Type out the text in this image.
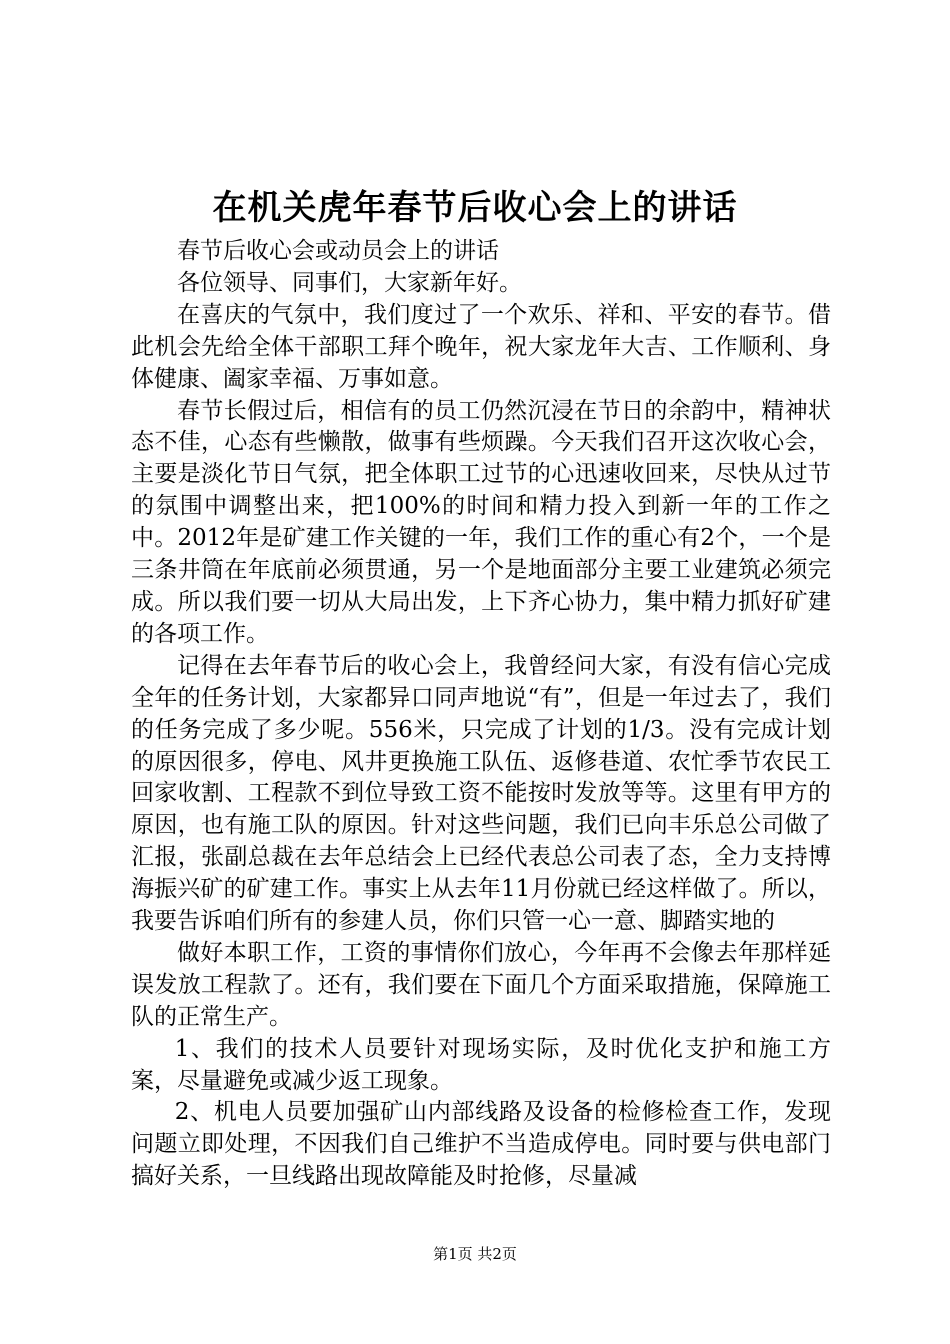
在机关虎年春节后收心会上的讲话

春节后收心会或动员会上的讲话

各位领导、同事们，大家新年好。

在喜庆的气氛中，我们度过了一个欢乐、祥和、平安的春节。借此机会先给全体干部职工拜个晚年，祝大家龙年大吉、工作顺利、身体健康、阖家幸福、万事如意。

春节长假过后，相信有的员工仍然沉浸在节日的余韵中，精神状态不佳，心态有些懒散，做事有些烦躁。今天我们召开这次收心会，主要是淡化节日气氛，把全体职工过节的心迅速收回来，尽快从过节的氛围中调整出来，把100%的时间和精力投入到新一年的工作之中。2012年是矿建工作关键的一年，我们工作的重心有2个，一个是三条井筒在年底前必须贯通，另一个是地面部分主要工业建筑必须完成。所以我们要一切从大局出发，上下齐心协力，集中精力抓好矿建的各项工作。

记得在去年春节后的收心会上，我曾经问大家，有没有信心完成全年的任务计划，大家都异口同声地说“有”，但是一年过去了，我们的任务完成了多少呢。556米，只完成了计划的1/3。没有完成计划的原因很多，停电、风井更换施工队伍、返修巷道、农忙季节农民工回家收割、工程款不到位导致工资不能按时发放等等。这里有甲方的原因，也有施工队的原因。针对这些问题，我们已向丰乐总公司做了汇报，张副总裁在去年总结会上已经代表总公司表了态，全力支持博海振兴矿的矿建工作。事实上从去年11月份就已经这样做了。所以，我要告诉咱们所有的参建人员，你们只管一心一意、脚踏实地的

做好本职工作，工资的事情你们放心，今年再不会像去年那样延误发放工程款了。还有，我们要在下面几个方面采取措施，保障施工队的正常生产。

1、我们的技术人员要针对现场实际，及时优化支护和施工方案，尽量避免或减少返工现象。

2、机电人员要加强矿山内部线路及设备的检修检查工作，发现问题立即处理，不因我们自己维护不当造成停电。同时要与供电部门搞好关系，一旦线路出现故障能及时抢修，尽量减

第1页 共2页
